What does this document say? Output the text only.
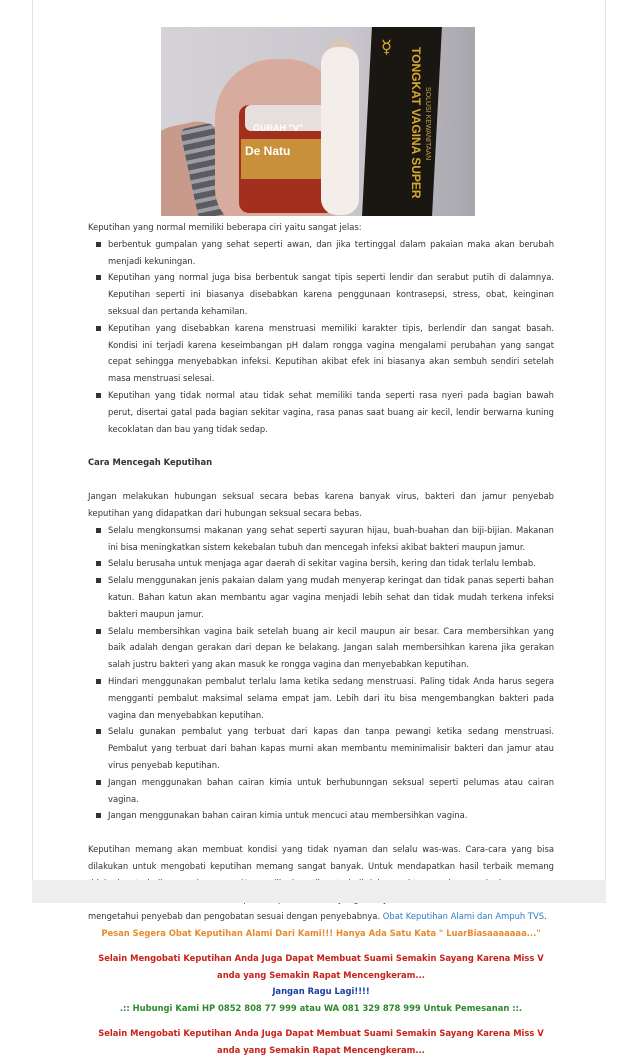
GURAH "V"
De Natu
☿	TONGKAT VAGINA SUPER SOLUSI KEWANITAAN

Keputihan yang normal memiliki beberapa ciri yaitu sangat jelas:

berbentuk gumpalan yang sehat seperti awan, dan jika tertinggal dalam pakaian maka akan berubah menjadi kekuningan.
Keputihan yang normal juga bisa berbentuk sangat tipis seperti lendir dan serabut putih di dalamnya. Keputihan seperti ini biasanya disebabkan karena penggunaan kontrasepsi, stress, obat, keinginan seksual dan pertanda kehamilan.
Keputihan yang disebabkan karena menstruasi memiliki karakter tipis, berlendir dan sangat basah. Kondisi ini terjadi karena keseimbangan pH dalam rongga vagina mengalami perubahan yang sangat cepat sehingga menyebabkan infeksi. Keputihan akibat efek ini biasanya akan sembuh sendiri setelah masa menstruasi selesai.
Keputihan yang tidak normal atau tidak sehat memiliki tanda seperti rasa nyeri pada bagian bawah perut, disertai gatal pada bagian sekitar vagina, rasa panas saat buang air kecil, lendir berwarna kuning kecoklatan dan bau yang tidak sedap.
Cara Mencegah Keputihan

Jangan melakukan hubungan seksual secara bebas karena banyak virus, bakteri dan jamur penyebab keputihan yang didapatkan dari hubungan seksual secara bebas.

Selalu mengkonsumsi makanan yang sehat seperti sayuran hijau, buah-buahan dan biji-bijian. Makanan ini bisa meningkatkan sistem kekebalan tubuh dan mencegah infeksi akibat bakteri maupun jamur.
Selalu berusaha untuk menjaga agar daerah di sekitar vagina bersih, kering dan tidak terlalu lembab.
Selalu menggunakan jenis pakaian dalam yang mudah menyerap keringat dan tidak panas seperti bahan katun. Bahan katun akan membantu agar vagina menjadi lebih sehat dan tidak mudah terkena infeksi bakteri maupun jamur.
Selalu membersihkan vagina baik setelah buang air kecil maupun air besar. Cara membersihkan yang baik adalah dengan gerakan dari depan ke belakang. Jangan salah membersihkan karena jika gerakan salah justru bakteri yang akan masuk ke rongga vagina dan menyebabkan keputihan.
Hindari menggunakan pembalut terlalu lama ketika sedang menstruasi. Paling tidak Anda harus segera mengganti pembalut maksimal selama empat jam. Lebih dari itu bisa mengembangkan bakteri pada vagina dan menyebabkan keputihan.
Selalu gunakan pembalut yang terbuat dari kapas dan tanpa pewangi ketika sedang menstruasi. Pembalut yang terbuat dari bahan kapas murni akan membantu meminimalisir bakteri dan jamur atau virus penyebab keputihan.
Jangan menggunakan bahan cairan kimia untuk berhubunngan seksual seperti pelumas atau cairan vagina.
Jangan menggunakan bahan cairan kimia untuk mencuci atau membersihkan vagina.

Keputihan memang akan membuat kondisi yang tidak nyaman dan selalu was-was. Cara-cara yang bisa dilakukan untuk mengobati keputihan memang sangat banyak. Untuk mendapatkan hasil terbaik memang mengetahui penyebab dan pengobatan sesuai dengan penyebabnya. Obat Keputihan Alami dan Ampuh TVS.

Pesan Segera Obat Keputihan Alami Dari Kami!!! Hanya Ada Satu Kata " LuarBiasaaaaaaa..."

Selain Mengobati Keputihan Anda Juga Dapat Membuat Suami Semakin Sayang Karena Miss V anda yang Semakin Rapat Mencengkeram...

Jangan Ragu Lagi!!!!

.:: Hubungi Kami HP 0852 808 77 999 atau WA 081 329 878 999 Untuk Pemesanan ::.

Selain Mengobati Keputihan Anda Juga Dapat Membuat Suami Semakin Sayang Karena Miss V anda yang Semakin Rapat Mencengkeram...
